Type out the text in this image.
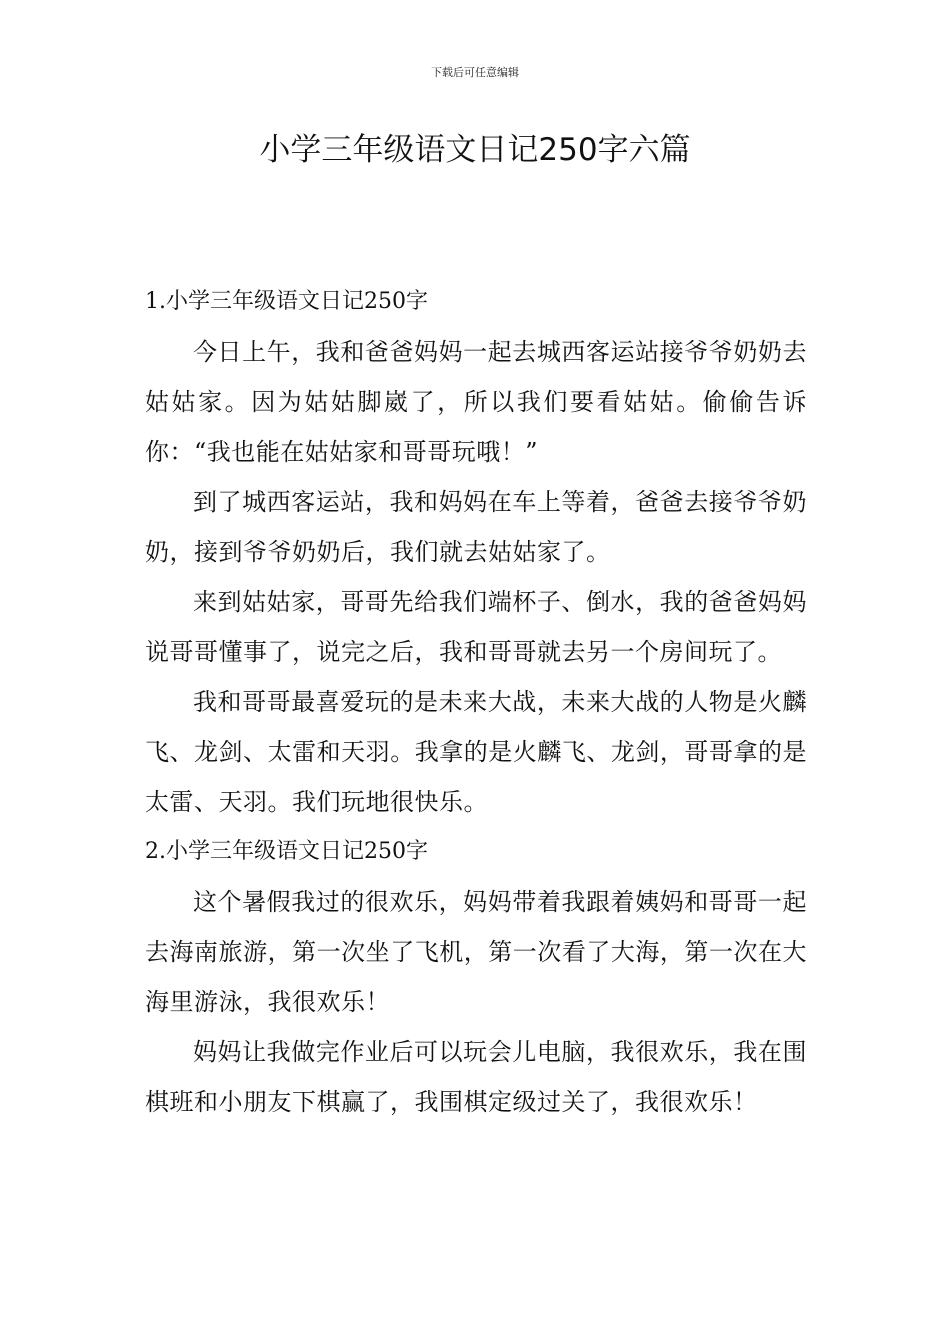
下载后可任意编辑
小学三年级语文日记250字六篇
1.小学三年级语文日记250字

今日上午，我和爸爸妈妈一起去城西客运站接爷爷奶奶去姑姑家。因为姑姑脚崴了，所以我们要看姑姑。偷偷告诉你：“我也能在姑姑家和哥哥玩哦！”

到了城西客运站，我和妈妈在车上等着，爸爸去接爷爷奶奶，接到爷爷奶奶后，我们就去姑姑家了。

来到姑姑家，哥哥先给我们端杯子、倒水，我的爸爸妈妈说哥哥懂事了，说完之后，我和哥哥就去另一个房间玩了。

我和哥哥最喜爱玩的是未来大战，未来大战的人物是火麟飞、龙剑、太雷和天羽。我拿的是火麟飞、龙剑，哥哥拿的是太雷、天羽。我们玩地很快乐。

2.小学三年级语文日记250字

这个暑假我过的很欢乐，妈妈带着我跟着姨妈和哥哥一起去海南旅游，第一次坐了飞机，第一次看了大海，第一次在大海里游泳，我很欢乐！

妈妈让我做完作业后可以玩会儿电脑，我很欢乐，我在围棋班和小朋友下棋赢了，我围棋定级过关了，我很欢乐！
